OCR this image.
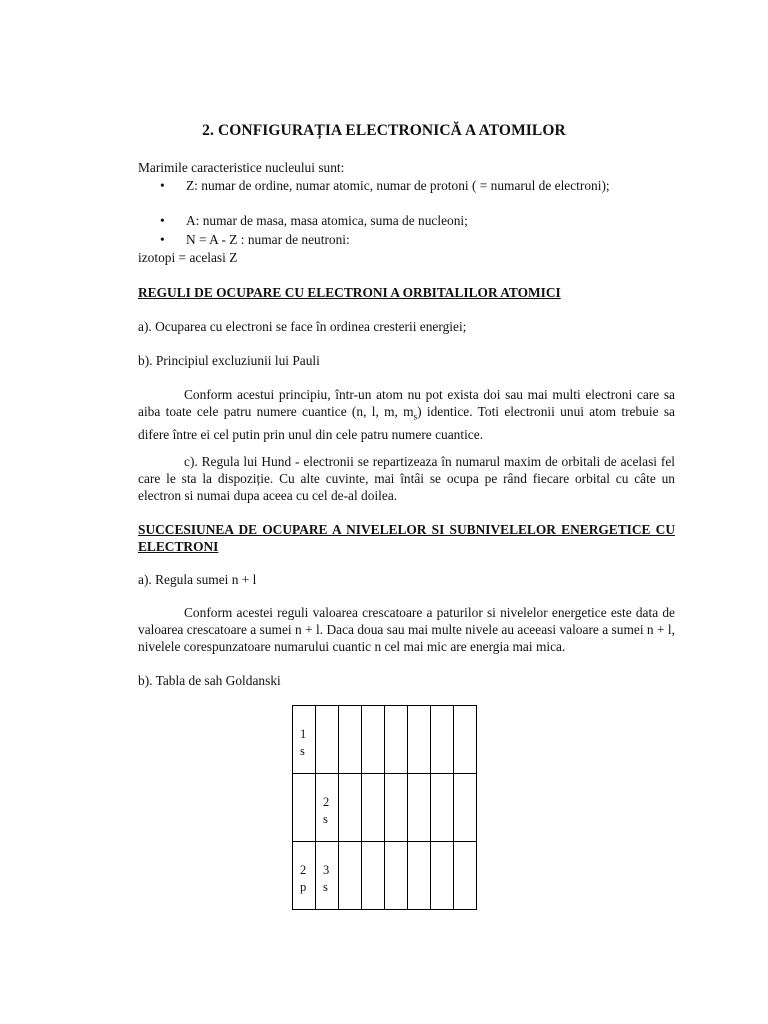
2. CONFIGURAȚIA ELECTRONICĂ A ATOMILOR
Marimile caracteristice nucleului sunt:
• Z: numar de ordine, numar atomic, numar de protoni ( = numarul de electroni);
• A: numar de masa, masa atomica, suma de nucleoni;
• N = A - Z : numar de neutroni:
izotopi = acelasi Z
REGULI DE OCUPARE CU ELECTRONI A ORBITALILOR ATOMICI
a). Ocuparea cu electroni se face în ordinea cresterii energiei;
b). Principiul excluziunii lui Pauli
Conform acestui principiu, într-un atom nu pot exista doi sau mai multi electroni care sa aiba toate cele patru numere cuantice (n, l, m, $m_s$) identice. Toti electronii unui atom trebuie sa difere între ei cel putin prin unul din cele patru numere cuantice.
c). Regula lui Hund - electronii se repartizeaza în numarul maxim de orbitali de acelasi fel care le sta la dispoziție. Cu alte cuvinte, mai întâi se ocupa pe rând fiecare orbital cu câte un electron si numai dupa aceea cu cel de-al doilea.
SUCCESIUNEA DE OCUPARE A NIVELELOR SI SUBNIVELELOR ENERGETICE CU ELECTRONI
a). Regula sumei n + l
Conform acestei reguli valoarea crescatoare a paturilor si nivelelor energetice este data de valoarea crescatoare a sumei n + l. Daca doua sau mai multe nivele au aceeasi valoare a sumei n + l, nivelele corespunzatoare numarului cuantic n cel mai mic are energia mai mica.
b). Tabla de sah Goldanski
1s							

	2s						

2p	3s						
